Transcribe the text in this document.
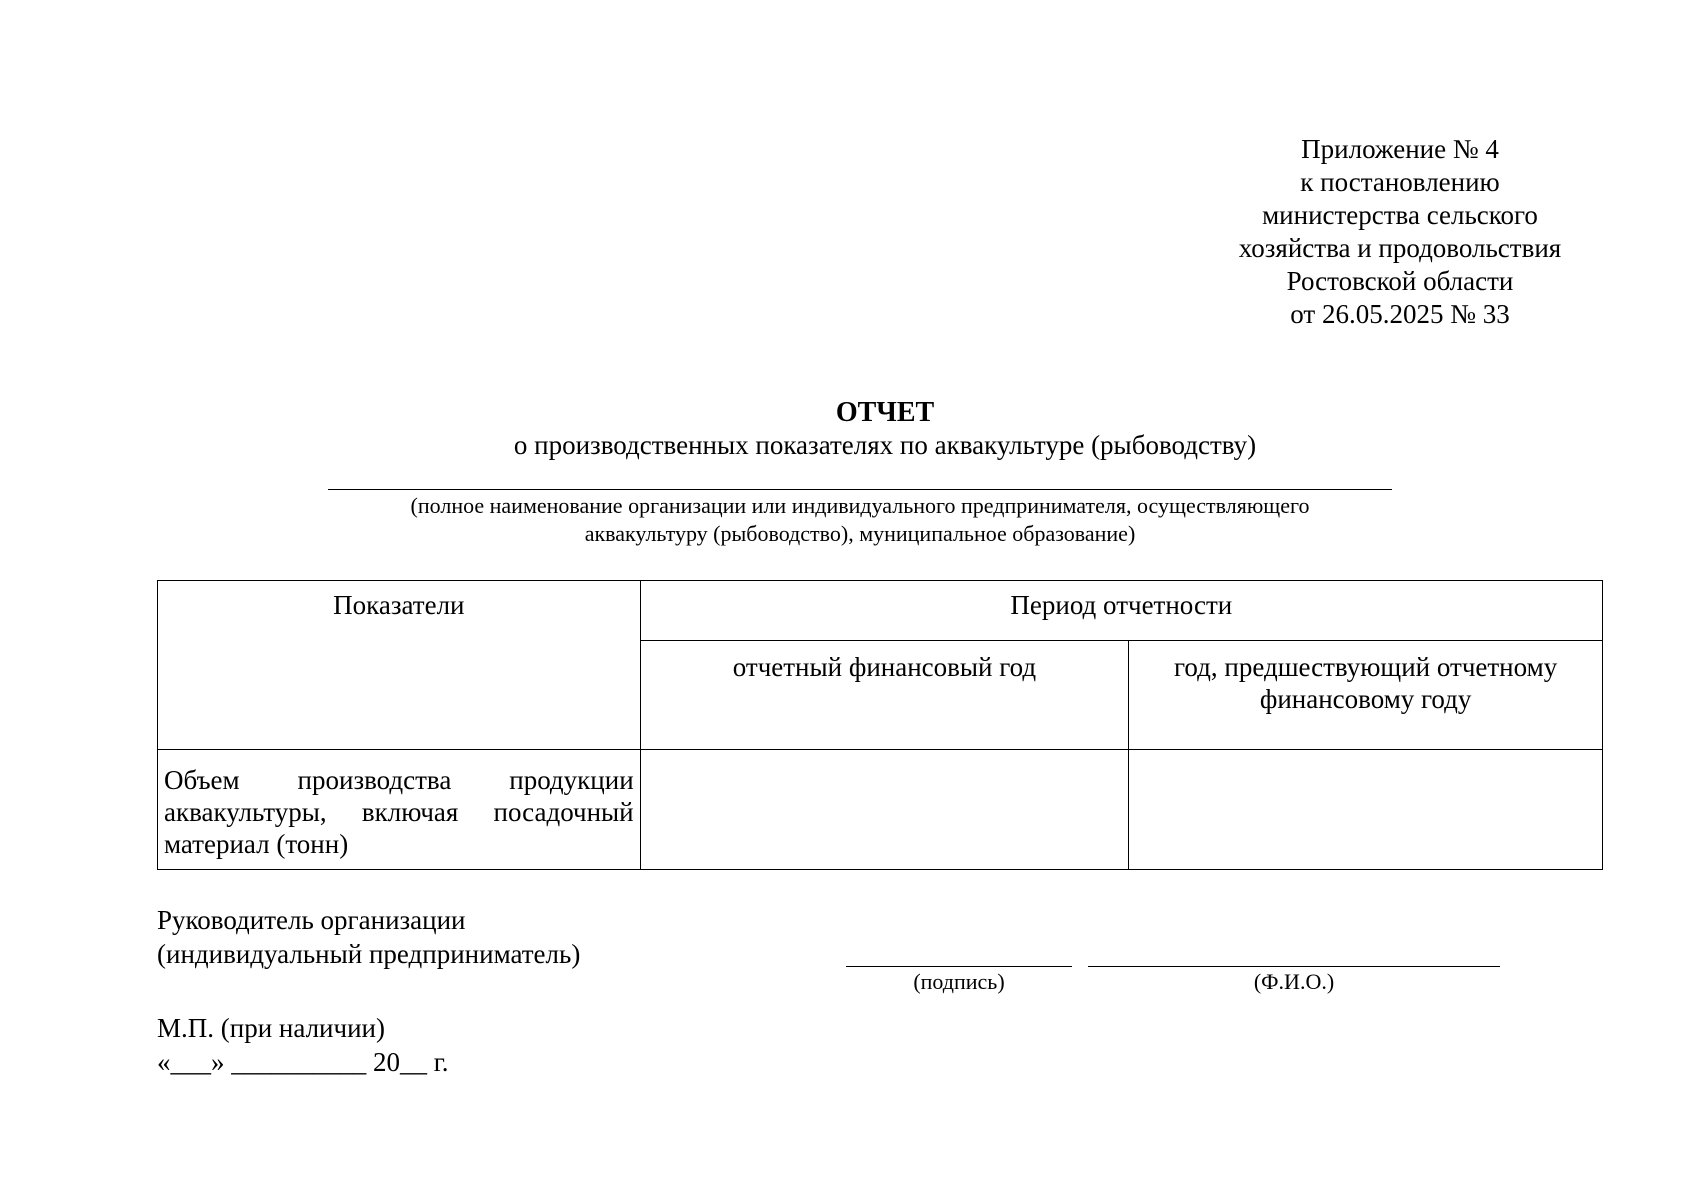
Приложение № 4
к постановлению
министерства сельского
хозяйства и продовольствия
Ростовской области
от 26.05.2025 № 33
ОТЧЕТ
о производственных показателях по аквакультуре (рыбоводству)
(полное наименование организации или индивидуального предпринимателя, осуществляющего
аквакультуру (рыбоводство), муниципальное образование)
Показатели	Период отчетности	

	отчетный финансовый год	год, предшествующий отчетному финансовому году

Объем производства продукции аквакультуры, включая посадочный материал (тонн)		

Руководитель организации
(индивидуальный предприниматель)
(подпись)	(Ф.И.О.)
М.П. (при наличии)
«___» __________ 20__ г.
